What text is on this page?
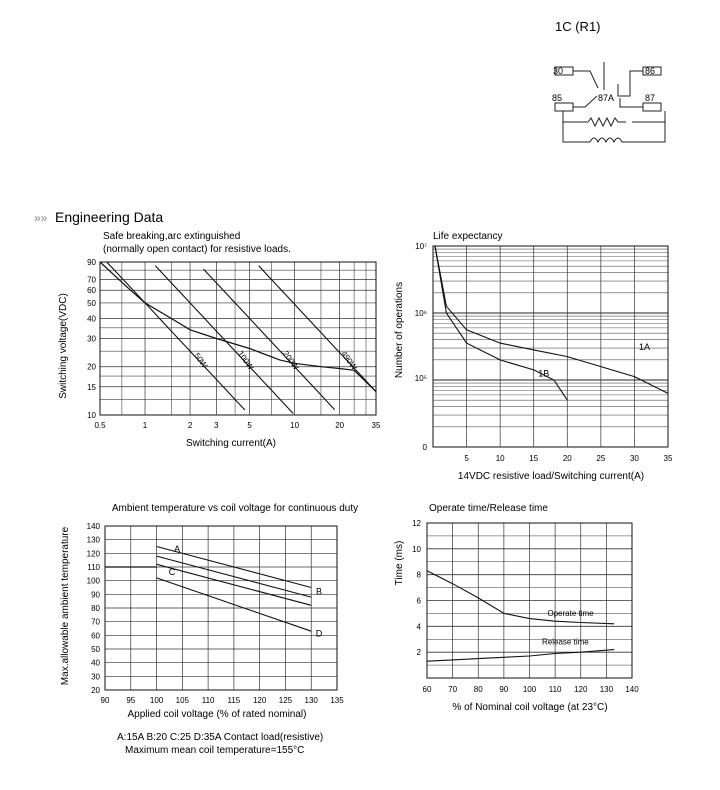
1C (R1)
30	86
85	87A	87
»» Engineering Data
Safe breaking,arc extinguished
(normally open contact) for resistive loads.
Switching current(A)
Switching voltage(VDC)
Life expectancy
14VDC resistive load/Switching current(A)
Number of operations
Ambient temperature vs coil voltage for continuous duty
Applied coil voltage (% of rated nominal)
Max.allowable ambient temperature
A:15A B:20 C:25 D:35A Contact load(resistive)
Maximum mean coil temperature=155°C
Operate time/Release time
% of Nominal coil voltage (at 23°C)
Time (ms)
0.5	1	2	3	5	10	20	35
10
15
20
30
40
50
60
70
90
50W	100W	200W	490W
5	10	15	20	25	30	35
10⁷
10⁶
10⁵
0
1A
1B
90 95 100 105 110 115 120 125 130 135
20
30
40
50
60
70
80
90
100
110
120
130
140
A
B
C
D
60 70 80 90 100 110 120 130 140
2
4
6
8
10
12
Operate time
Release time
